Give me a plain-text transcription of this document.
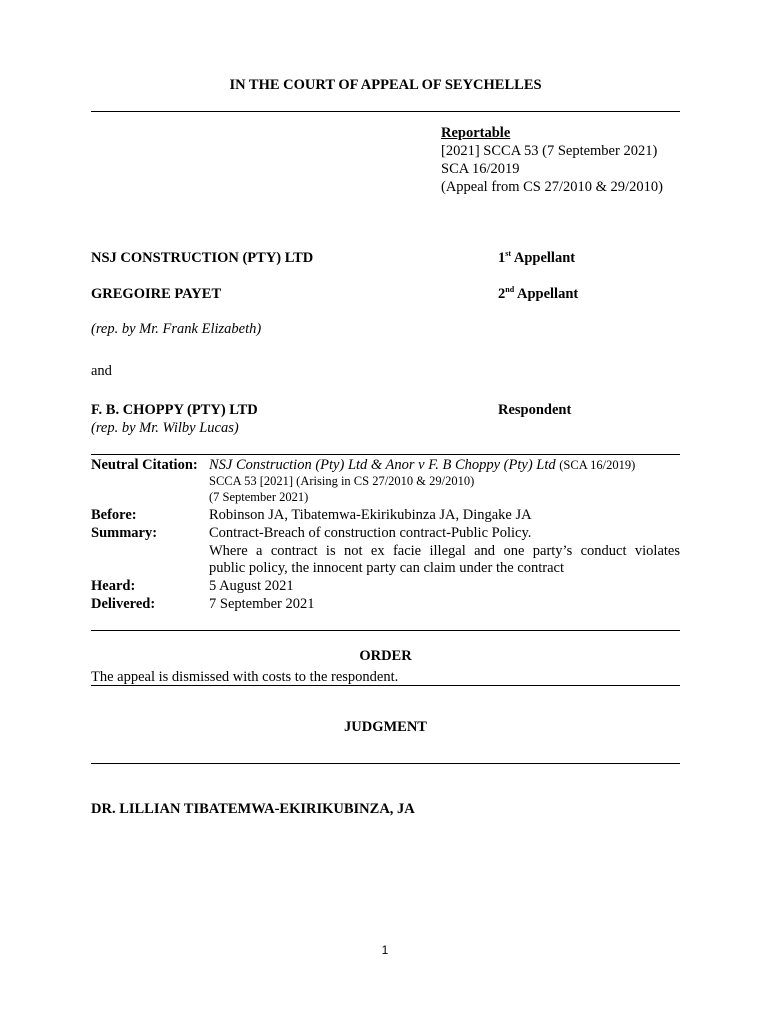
IN THE COURT OF APPEAL OF SEYCHELLES
Reportable
[2021] SCCA 53 (7 September 2021)
SCA 16/2019
(Appeal from CS 27/2010 & 29/2010)
NSJ CONSTRUCTION (PTY) LTD	1st Appellant
GREGOIRE PAYET	2nd Appellant
(rep. by Mr. Frank Elizabeth)
and
F. B. CHOPPY (PTY) LTD	Respondent
(rep. by Mr. Wilby Lucas)
Neutral Citation: NSJ Construction (Pty) Ltd & Anor v F. B Choppy (Pty) Ltd (SCA 16/2019)
SCCA 53 [2021] (Arising in CS 27/2010 & 29/2010)
(7 September 2021)
Before:	Robinson JA, Tibatemwa-Ekirikubinza JA, Dingake JA
Summary:	Contract-Breach of construction contract-Public Policy.
Where a contract is not ex facie illegal and one party’s conduct violates
public policy, the innocent party can claim under the contract
Heard:	5 August 2021
Delivered:	7 September 2021
ORDER
The appeal is dismissed with costs to the respondent.
JUDGMENT
DR. LILLIAN TIBATEMWA-EKIRIKUBINZA, JA
1
